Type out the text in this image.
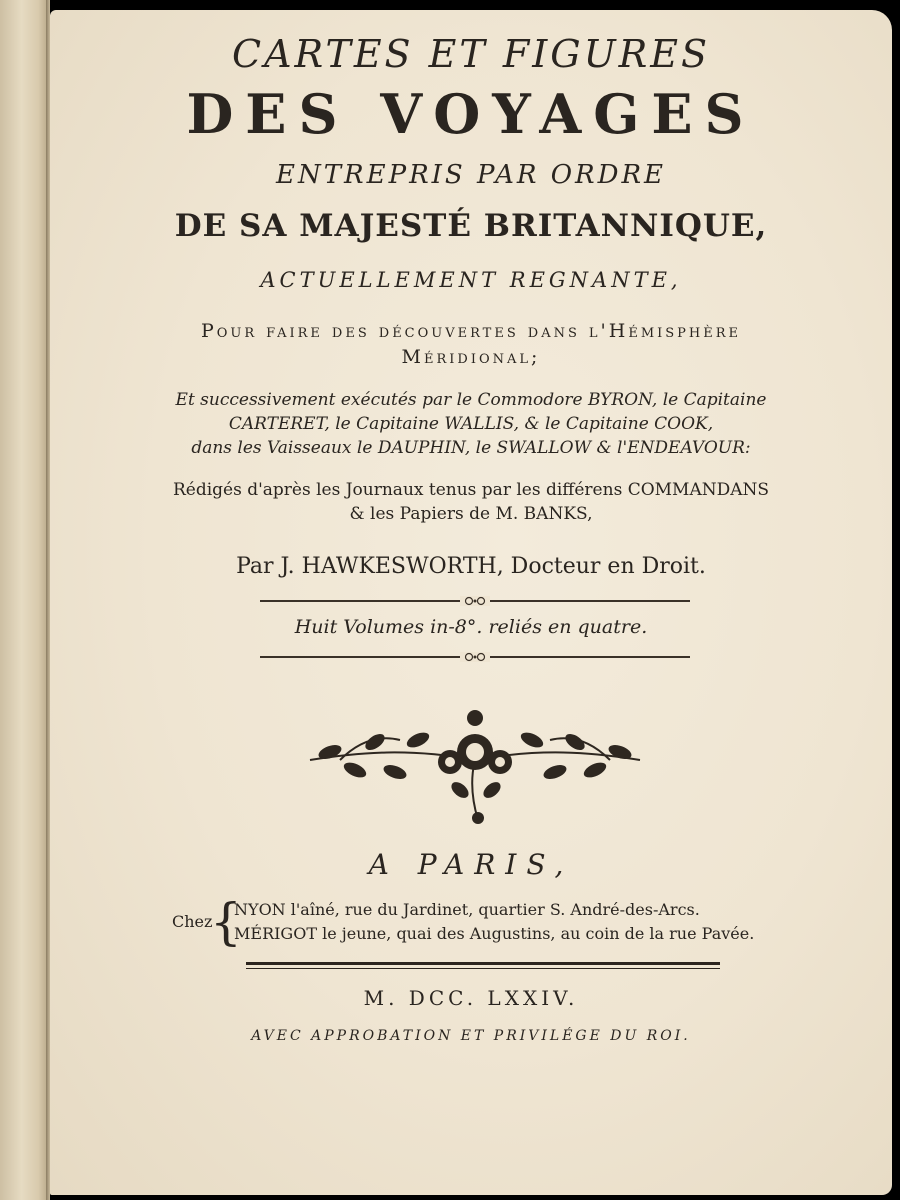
CARTES ET FIGURES
DES VOYAGES
ENTREPRIS PAR ORDRE
DE SA MAJESTÉ BRITANNIQUE,
ACTUELLEMENT REGNANTE,
Pour faire des découvertes dans l'Hémisphère
Méridional;
Et successivement exécutés par le Commodore BYRON, le Capitaine
CARTERET, le Capitaine WALLIS, & le Capitaine COOK,
dans les Vaisseaux le DAUPHIN, le SWALLOW & l'ENDEAVOUR:
Rédigés d'après les Journaux tenus par les différens COMMANDANS
& les Papiers de M. BANKS,
Par J. HAWKESWORTH, Docteur en Droit.
Huit Volumes in-8°. reliés en quatre.
A PARIS,
Chez
{
NYON l'aîné, rue du Jardinet, quartier S. André-des-Arcs.
MÉRIGOT le jeune, quai des Augustins, au coin de la rue Pavée.
M. DCC. LXXIV.
AVEC APPROBATION ET PRIVILÉGE DU ROI.
